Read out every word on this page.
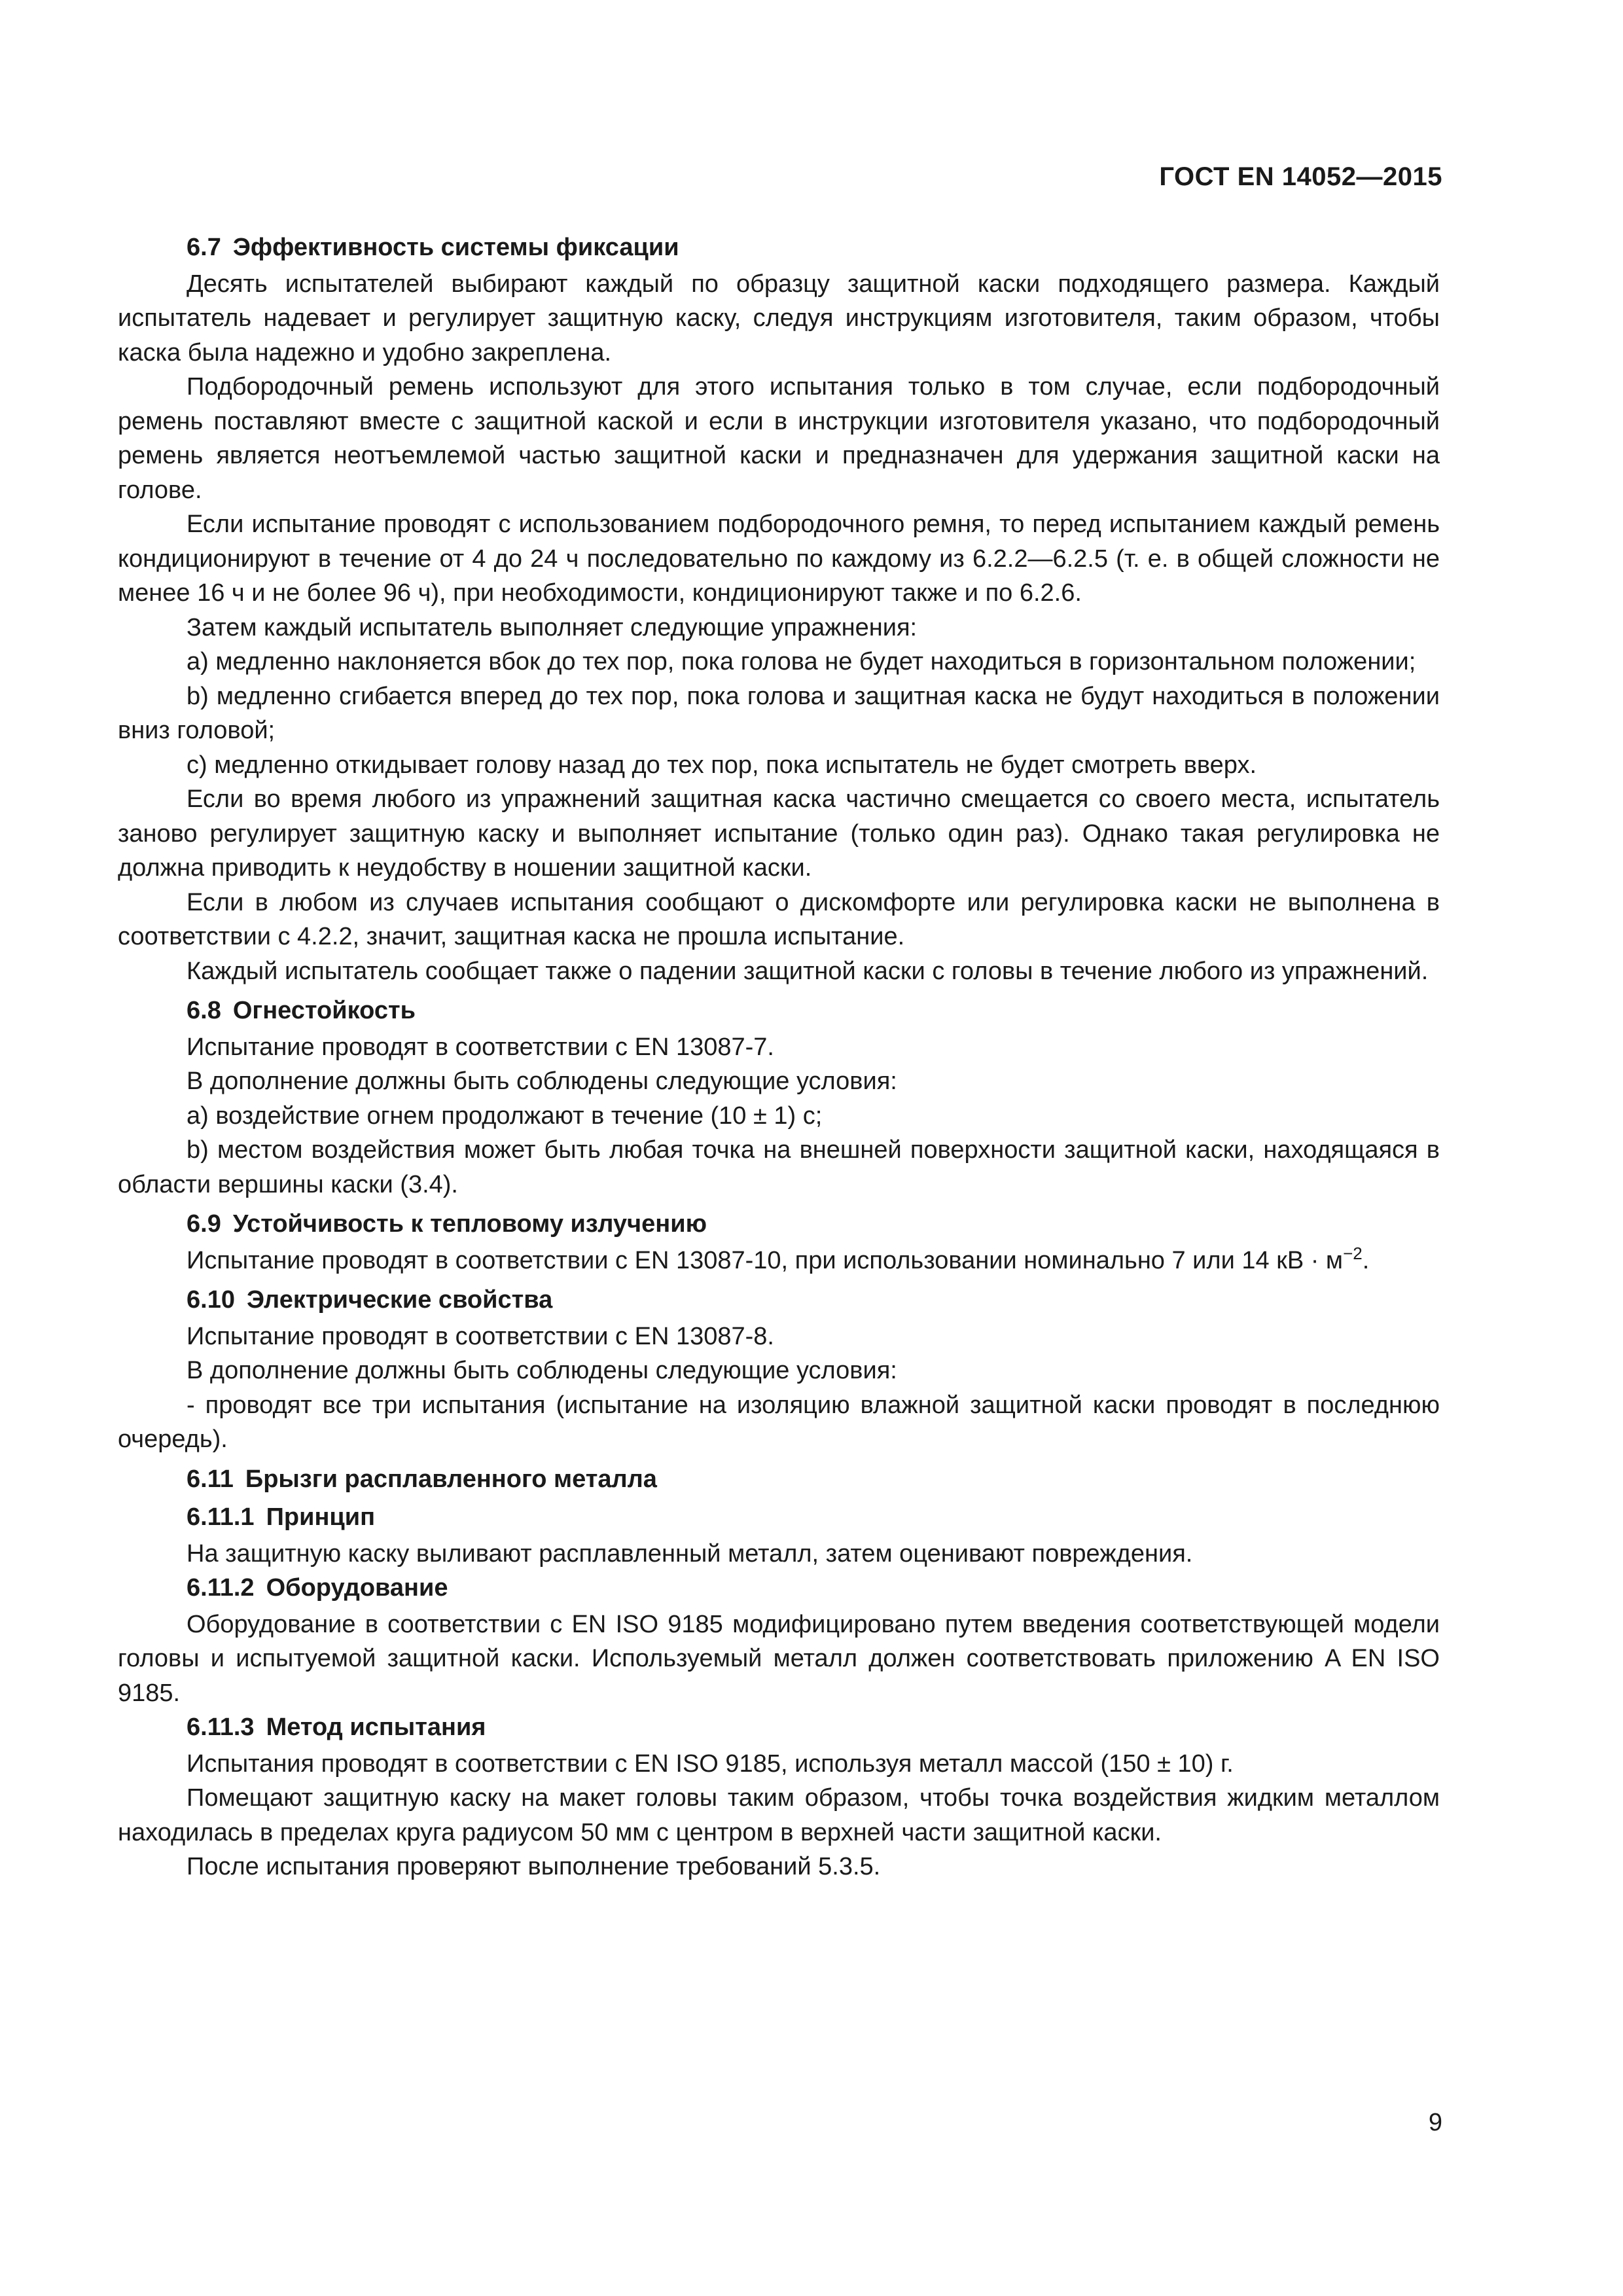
ГОСТ EN 14052—2015
6.7 Эффективность системы фиксации

Десять испытателей выбирают каждый по образцу защитной каски подходящего размера. Каждый испытатель надевает и регулирует защитную каску, следуя инструкциям изготовителя, таким образом, чтобы каска была надежно и удобно закреплена.

Подбородочный ремень используют для этого испытания только в том случае, если подбородочный ремень поставляют вместе с защитной каской и если в инструкции изготовителя указано, что подбородочный ремень является неотъемлемой частью защитной каски и предназначен для удержания защитной каски на голове.

Если испытание проводят с использованием подбородочного ремня, то перед испытанием каждый ремень кондиционируют в течение от 4 до 24 ч последовательно по каждому из 6.2.2—6.2.5 (т. е. в общей сложности не менее 16 ч и не более 96 ч), при необходимости, кондиционируют также и по 6.2.6.

Затем каждый испытатель выполняет следующие упражнения:

a) медленно наклоняется вбок до тех пор, пока голова не будет находиться в горизонтальном положении;

b) медленно сгибается вперед до тех пор, пока голова и защитная каска не будут находиться в положении вниз головой;

c) медленно откидывает голову назад до тех пор, пока испытатель не будет смотреть вверх.

Если во время любого из упражнений защитная каска частично смещается со своего места, испытатель заново регулирует защитную каску и выполняет испытание (только один раз). Однако такая регулировка не должна приводить к неудобству в ношении защитной каски.

Если в любом из случаев испытания сообщают о дискомфорте или регулировка каски не выполнена в соответствии с 4.2.2, значит, защитная каска не прошла испытание.

Каждый испытатель сообщает также о падении защитной каски с головы в течение любого из упражнений.

6.8 Огнестойкость

Испытание проводят в соответствии с EN 13087-7.

В дополнение должны быть соблюдены следующие условия:

a) воздействие огнем продолжают в течение (10 ± 1) с;

b) местом воздействия может быть любая точка на внешней поверхности защитной каски, находящаяся в области вершины каски (3.4).

6.9 Устойчивость к тепловому излучению

Испытание проводят в соответствии с EN 13087-10, при использовании номинально 7 или 14 кВ · $м^{-2}$.

6.10 Электрические свойства

Испытание проводят в соответствии с EN 13087-8.

В дополнение должны быть соблюдены следующие условия:

- проводят все три испытания (испытание на изоляцию влажной защитной каски проводят в последнюю очередь).

6.11 Брызги расплавленного металла
6.11.1 Принцип

На защитную каску выливают расплавленный металл, затем оценивают повреждения.

6.11.2 Оборудование

Оборудование в соответствии с EN ISO 9185 модифицировано путем введения соответствующей модели головы и испытуемой защитной каски. Используемый металл должен соответствовать приложению A EN ISO 9185.

6.11.3 Метод испытания

Испытания проводят в соответствии с EN ISO 9185, используя металл массой (150 ± 10) г.

Помещают защитную каску на макет головы таким образом, чтобы точка воздействия жидким металлом находилась в пределах круга радиусом 50 мм с центром в верхней части защитной каски.

После испытания проверяют выполнение требований 5.3.5.

9
